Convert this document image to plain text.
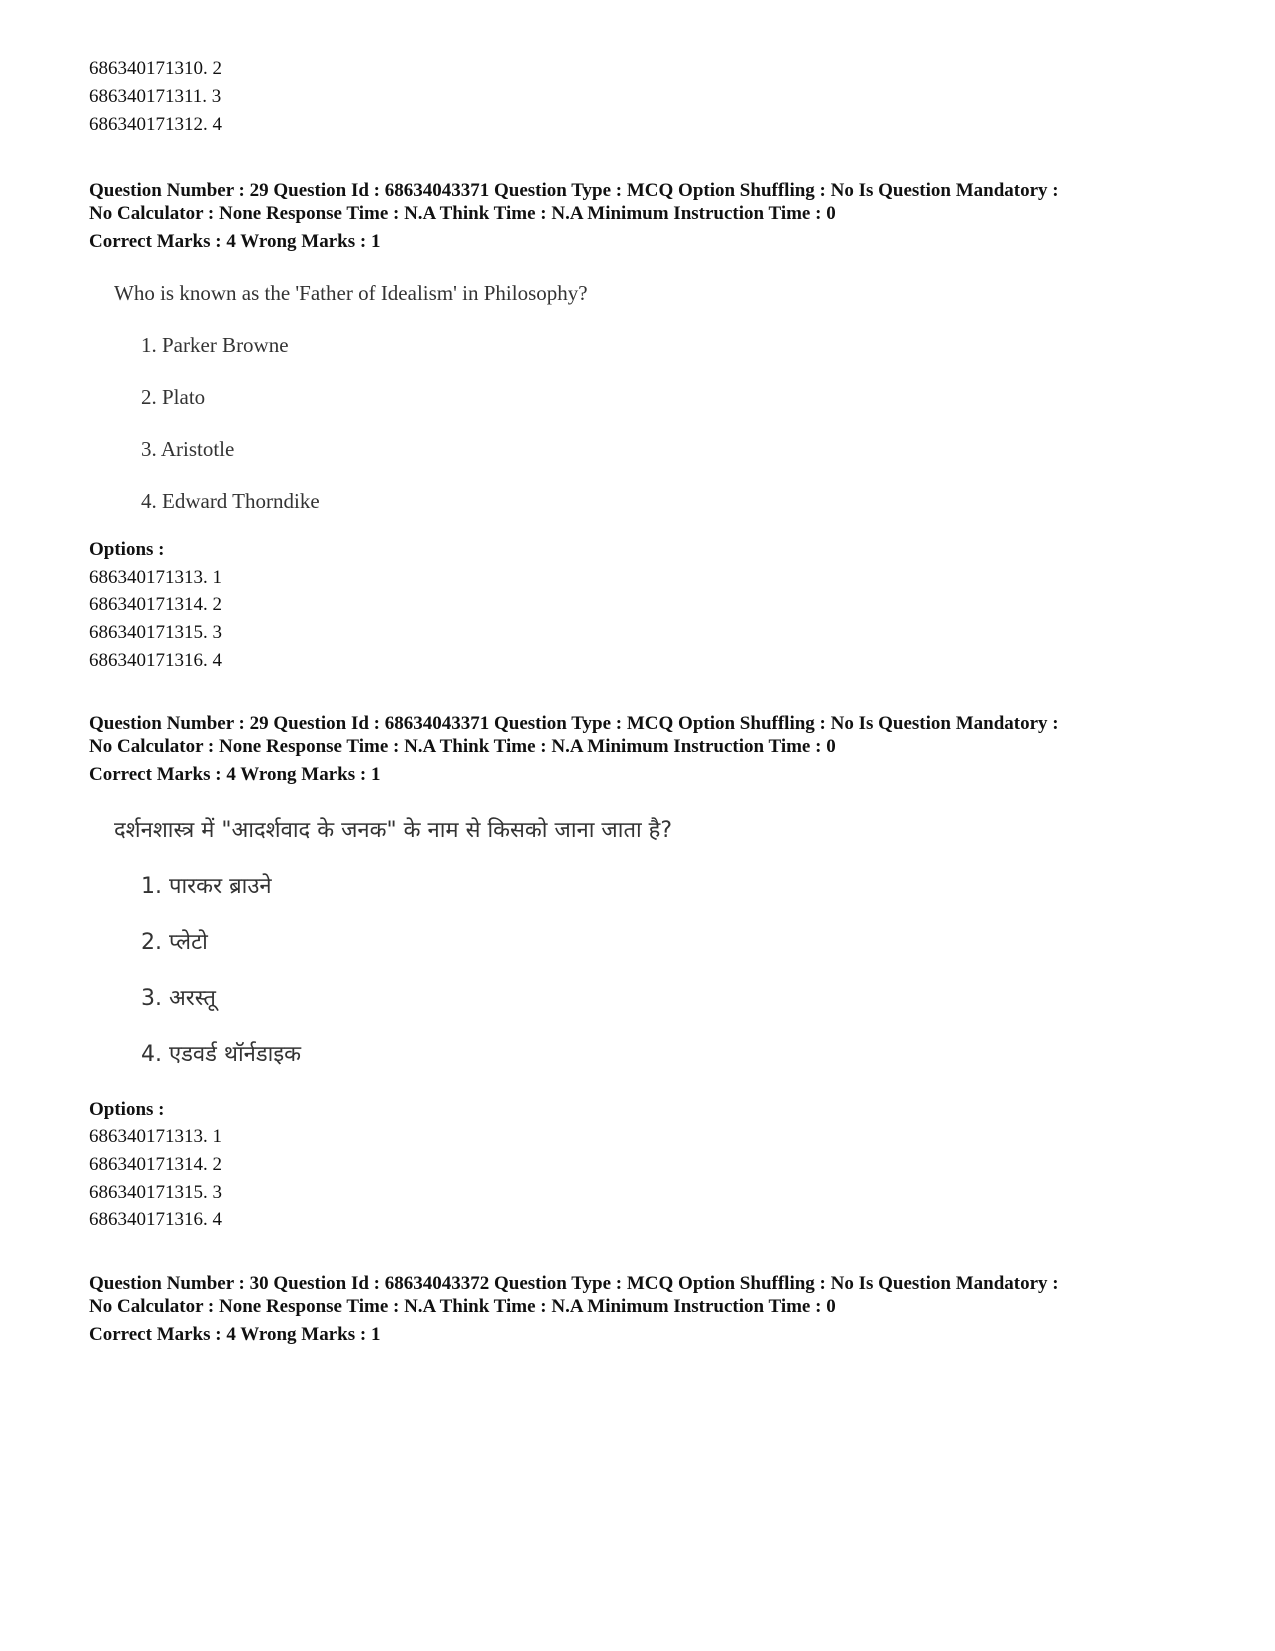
686340171310. 2
686340171311. 3
686340171312. 4
Question Number : 29 Question Id : 68634043371 Question Type : MCQ Option Shuffling : No Is Question Mandatory :
No Calculator : None Response Time : N.A Think Time : N.A Minimum Instruction Time : 0
Correct Marks : 4 Wrong Marks : 1
Who is known as the 'Father of Idealism' in Philosophy?
1. Parker Browne
2. Plato
3. Aristotle
4. Edward Thorndike
Options :
686340171313. 1
686340171314. 2
686340171315. 3
686340171316. 4
Question Number : 29 Question Id : 68634043371 Question Type : MCQ Option Shuffling : No Is Question Mandatory :
No Calculator : None Response Time : N.A Think Time : N.A Minimum Instruction Time : 0
Correct Marks : 4 Wrong Marks : 1
दर्शनशास्त्र में "आदर्शवाद के जनक" के नाम से किसको जाना जाता है?
1. पारकर ब्राउने
2. प्लेटो
3. अरस्तू
4. एडवर्ड थॉर्नडाइक
Options :
686340171313. 1
686340171314. 2
686340171315. 3
686340171316. 4
Question Number : 30 Question Id : 68634043372 Question Type : MCQ Option Shuffling : No Is Question Mandatory :
No Calculator : None Response Time : N.A Think Time : N.A Minimum Instruction Time : 0
Correct Marks : 4 Wrong Marks : 1
